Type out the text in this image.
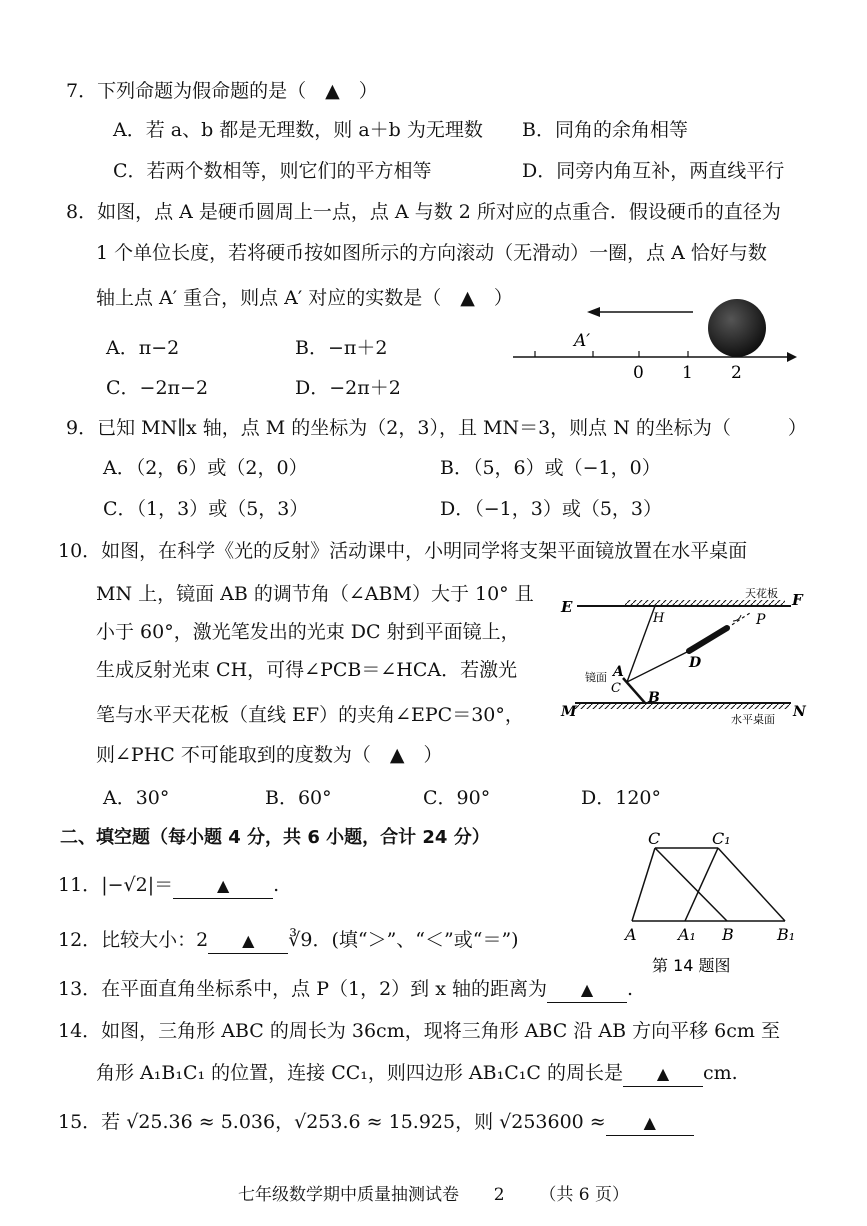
7．下列命题为假命题的是（　▲　）
A．若 a、b 都是无理数，则 a＋b 为无理数 B．同角的余角相等
C．若两个数相等，则它们的平方相等	D．同旁内角互补，两直线平行
8．如图，点 A 是硬币圆周上一点，点 A 与数 2 所对应的点重合．假设硬币的直径为
1 个单位长度，若将硬币按如图所示的方向滚动（无滑动）一圈，点 A 恰好与数
轴上点 A′ 重合，则点 A′ 对应的实数是（　▲　）
A．π−2	B．−π＋2
C．−2π−2	D．−2π＋2
A′
0 1 2
9．已知 MN∥x 轴，点 M 的坐标为（2，3），且 MN＝3，则点 N 的坐标为（　　　）
A．（2，6）或（2，0）	B．（5，6）或（−1，0）
C．（1，3）或（5，3）	D．（−1，3）或（5，3）
10．如图，在科学《光的反射》活动课中，小明同学将支架平面镜放置在水平桌面
MN 上，镜面 AB 的调节角（∠ABM）大于 10° 且
小于 60°，激光笔发出的光束 DC 射到平面镜上，
生成反射光束 CH，可得∠PCB＝∠HCA．若激光
笔与水平天花板（直线 EF）的夹角∠EPC＝30°，
则∠PHC 不可能取到的度数为（　▲　）
A．30°	B．60°	C．90°	D．120°
E	F
天花板
H	P
D
镜面 A
C
B
M	水平桌面 N
二、填空题（每小题 4 分，共 6 小题，合计 24 分）	C	C₁
A	A₁ B	B₁
第 14 题图
11．|−√2|＝	▲ .
12．比较大小：2 ▲ ∛9．(填“＞”、“＜”或“＝”)
13．在平面直角坐标系中，点 P（1，2）到 x 轴的距离为 ▲ .
14．如图，三角形 ABC 的周长为 36cm，现将三角形 ABC 沿 AB 方向平移 6cm 至
角形 A₁B₁C₁ 的位置，连接 CC₁，则四边形 AB₁C₁C 的周长是 ▲ cm.
15．若 √25.36 ≈ 5.036，√253.6 ≈ 15.925，则 √253600 ≈ ▲
七年级数学期中质量抽测试卷 2 （共 6 页）
